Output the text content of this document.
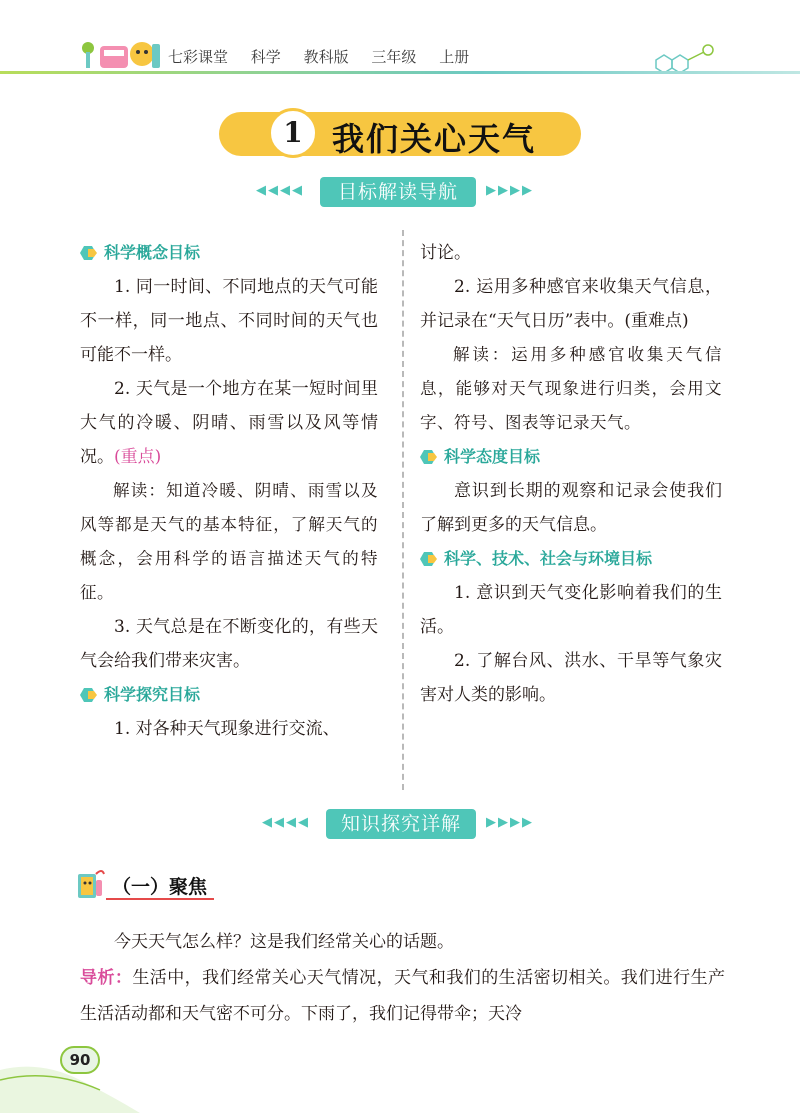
七彩课堂 科学 教科版 三年级 上册
1 我们关心天气
◀◀◀◀	目标解读导航	▶▶▶▶

科学概念目标

1. 同一时间、不同地点的天气可能不一样，同一地点、不同时间的天气也可能不一样。

2. 天气是一个地方在某一短时间里大气的冷暖、阴晴、雨雪以及风等情况。(重点)

解读：知道冷暖、阴晴、雨雪以及风等都是天气的基本特征，了解天气的概念，会用科学的语言描述天气的特征。

3. 天气总是在不断变化的，有些天气会给我们带来灾害。

科学探究目标

1. 对各种天气现象进行交流、

讨论。

2. 运用多种感官来收集天气信息，并记录在“天气日历”表中。(重难点)

解读：运用多种感官收集天气信息，能够对天气现象进行归类，会用文字、符号、图表等记录天气。

科学态度目标

意识到长期的观察和记录会使我们了解到更多的天气信息。

科学、技术、社会与环境目标

1. 意识到天气变化影响着我们的生活。

2. 了解台风、洪水、干旱等气象灾害对人类的影响。

◀◀◀◀	知识探究详解	▶▶▶▶
（一）聚焦
今天天气怎么样？这是我们经常关心的话题。
导析：生活中，我们经常关心天气情况，天气和我们的生活密切相关。我们进行生产生活活动都和天气密不可分。下雨了，我们记得带伞；天冷
90
